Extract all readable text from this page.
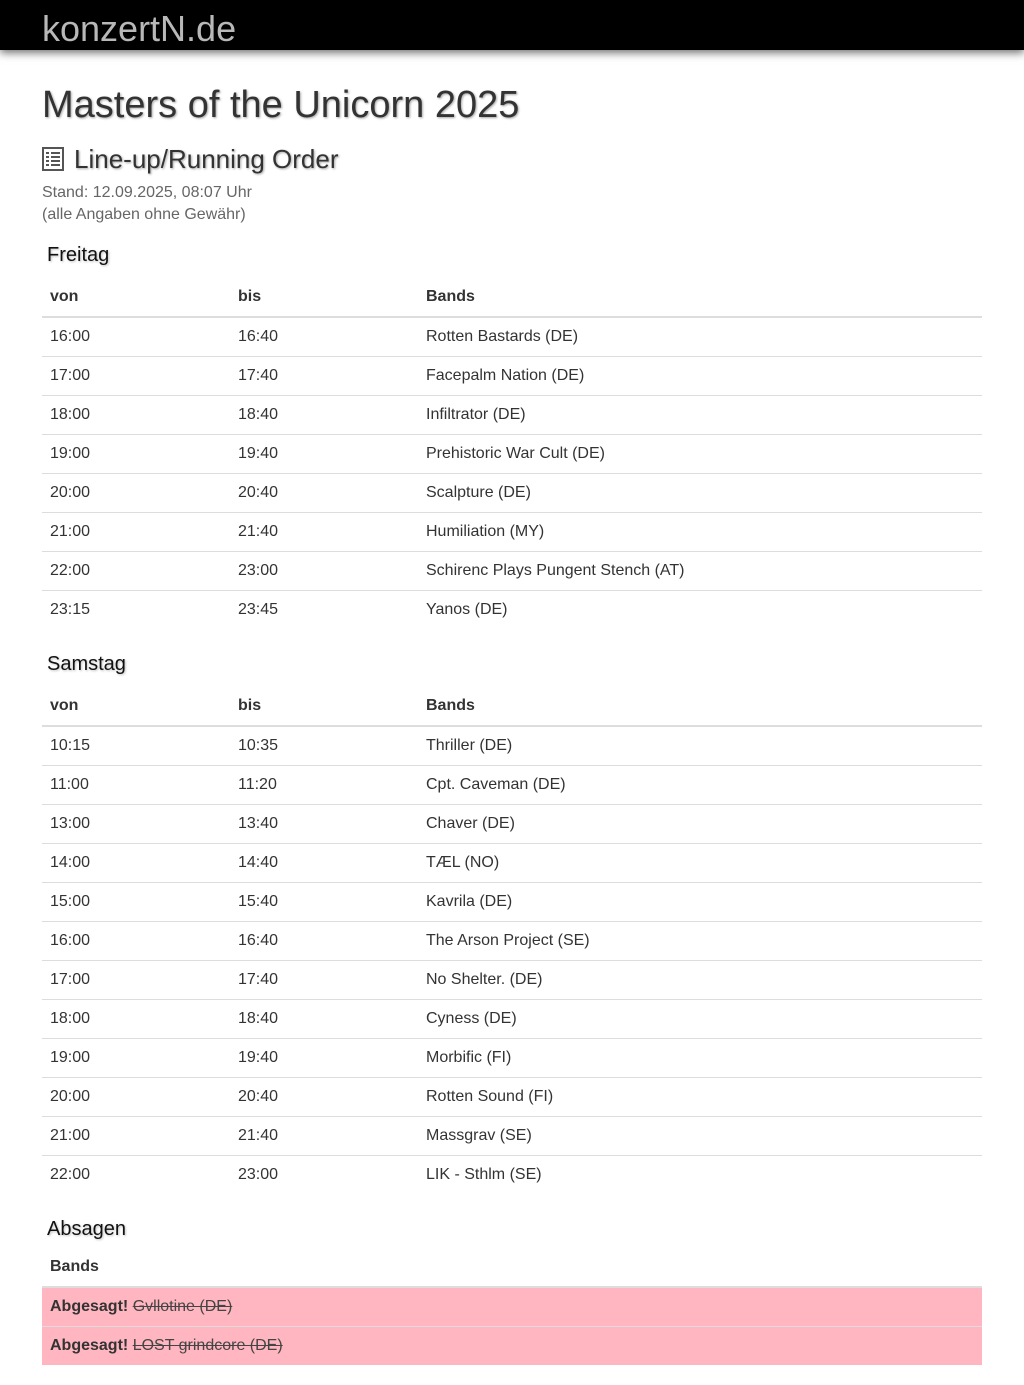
konzertN.de
Masters of the Unicorn 2025
Line-up/Running Order
Stand: 12.09.2025, 08:07 Uhr
(alle Angaben ohne Gewähr)
Freitag
von	bis	Bands
16:00	16:40	Rotten Bastards (DE)
17:00	17:40	Facepalm Nation (DE)
18:00	18:40	Infiltrator (DE)
19:00	19:40	Prehistoric War Cult (DE)
20:00	20:40	Scalpture (DE)
21:00	21:40	Humiliation (MY)
22:00	23:00	Schirenc Plays Pungent Stench (AT)
23:15	23:45	Yanos (DE)
Samstag
von	bis	Bands
10:15	10:35	Thriller (DE)
11:00	11:20	Cpt. Caveman (DE)
13:00	13:40	Chaver (DE)
14:00	14:40	TÆL (NO)
15:00	15:40	Kavrila (DE)
16:00	16:40	The Arson Project (SE)
17:00	17:40	No Shelter. (DE)
18:00	18:40	Cyness (DE)
19:00	19:40	Morbific (FI)
20:00	20:40	Rotten Sound (FI)
21:00	21:40	Massgrav (SE)
22:00	23:00	LIK - Sthlm (SE)
Absagen
Bands
Abgesagt! Gvllotine (DE)
Abgesagt! LOST grindcore (DE)
